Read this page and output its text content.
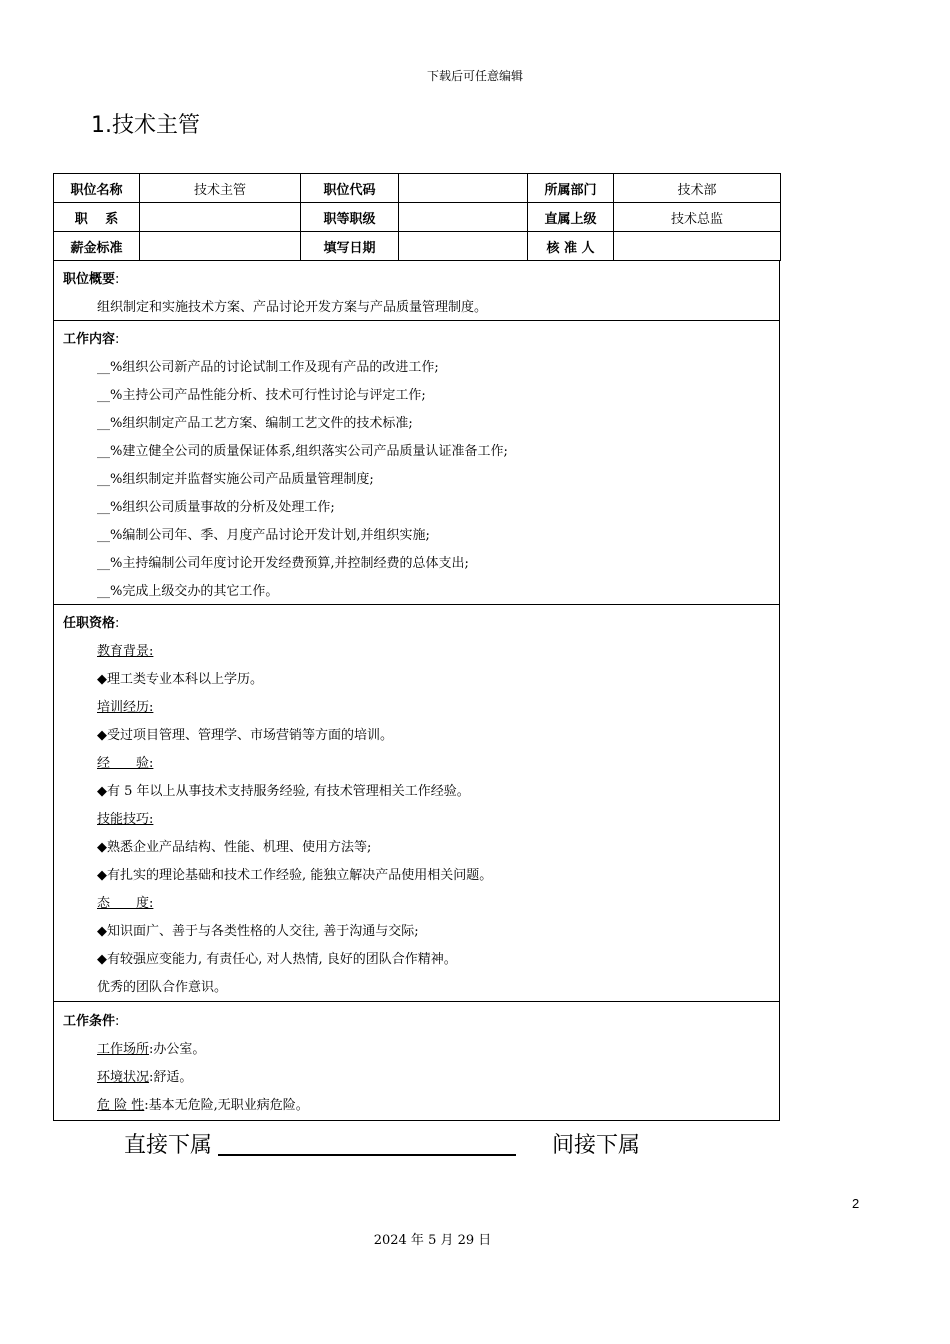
下载后可任意编辑
1.技术主管
职位名称	技术主管	职位代码		所属部门	技术部
职　 系		职等职级		直属上级	技术总监
薪金标准		填写日期		核 准 人	
职位概要:
组织制定和实施技术方案、产品讨论开发方案与产品质量管理制度。
工作内容:
__%组织公司新产品的讨论试制工作及现有产品的改进工作;
__%主持公司产品性能分析、技术可行性讨论与评定工作;
__%组织制定产品工艺方案、编制工艺文件的技术标准;
__%建立健全公司的质量保证体系,组织落实公司产品质量认证准备工作;
__%组织制定并监督实施公司产品质量管理制度;
__%组织公司质量事故的分析及处理工作;
__%编制公司年、季、月度产品讨论开发计划,并组织实施;
__%主持编制公司年度讨论开发经费预算,并控制经费的总体支出;
__%完成上级交办的其它工作。
任职资格:
教育背景:
◆理工类专业本科以上学历。
培训经历:
◆受过项目管理、管理学、市场营销等方面的培训。
经　　验:
◆有 5 年以上从事技术支持服务经验, 有技术管理相关工作经验。
技能技巧:
◆熟悉企业产品结构、性能、机理、使用方法等;
◆有扎实的理论基础和技术工作经验, 能独立解决产品使用相关问题。
态　　度:
◆知识面广、善于与各类性格的人交往, 善于沟通与交际;
◆有较强应变能力, 有责任心, 对人热情, 良好的团队合作精神。
优秀的团队合作意识。
工作条件:
工作场所:办公室。
环境状况:舒适。
危 险 性:基本无危险,无职业病危险。
直接下属	间接下属
2
2024 年 5 月 29 日
